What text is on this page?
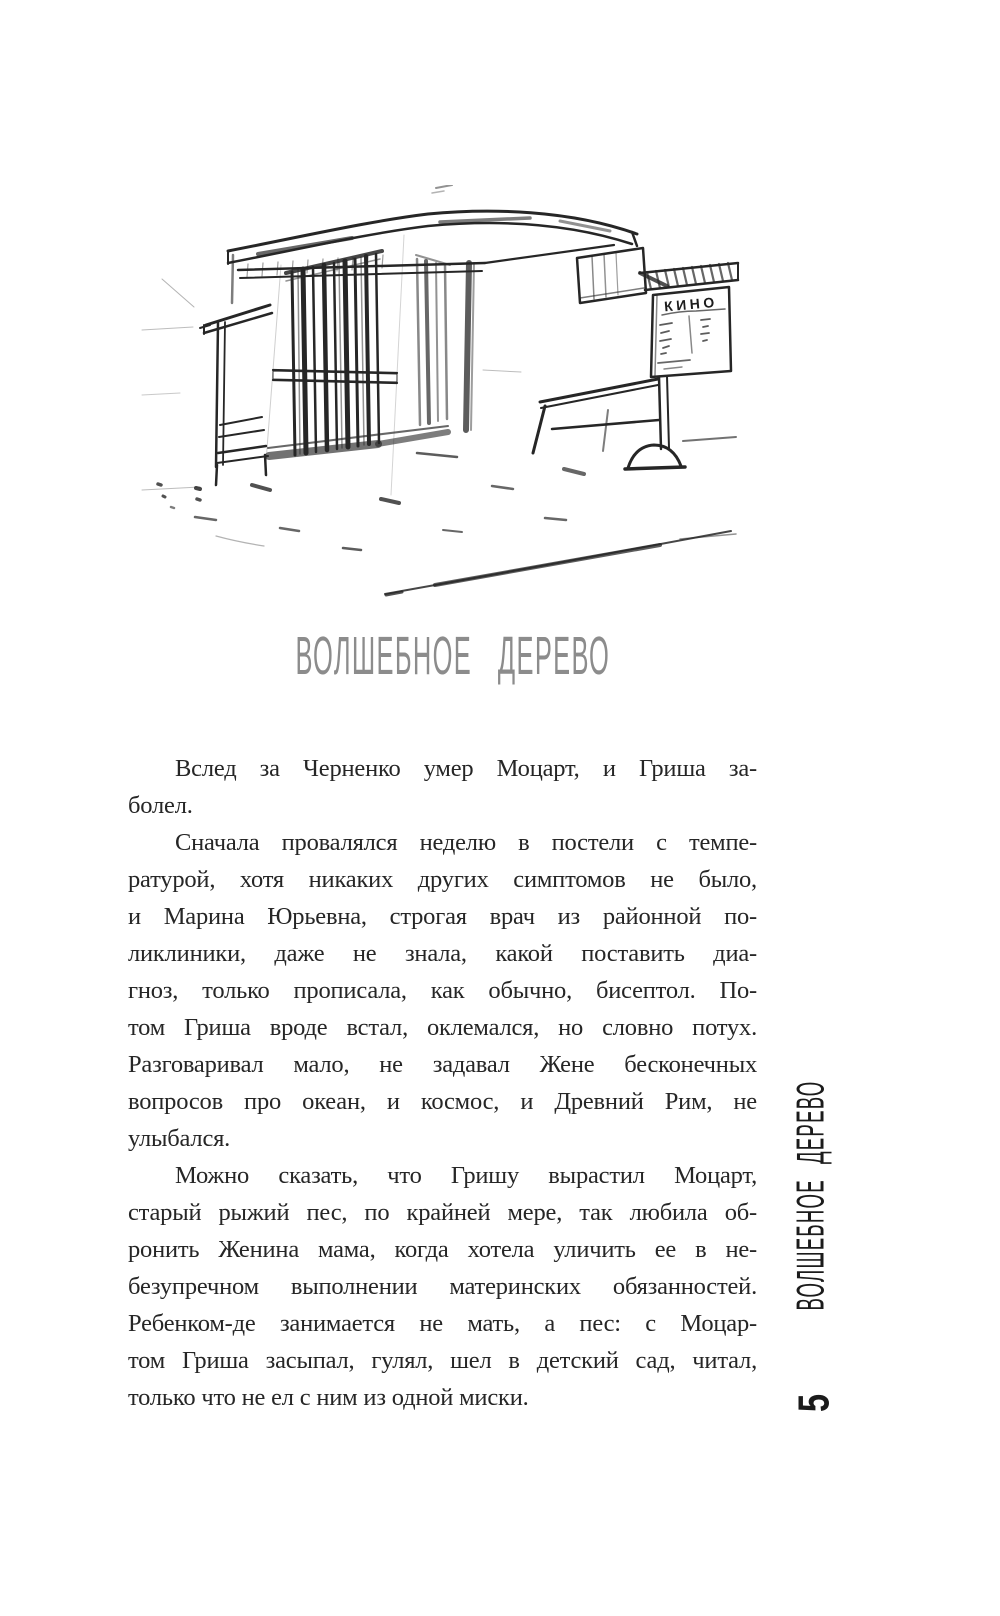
КИНО
ВОЛШЕБНОЕ ДЕРЕВО
Вслед за Черненко умер Моцарт, и Гриша за-
болел.
Сначала провалялся неделю в постели с темпе-
ратурой, хотя никаких других симптомов не было,
и Марина Юрьевна, строгая врач из районной по-
ликлиники, даже не знала, какой поставить диа-
гноз, только прописала, как обычно, бисептол. По-
том Гриша вроде встал, оклемался, но словно потух.
Разговаривал мало, не задавал Жене бесконечных
вопросов про океан, и космос, и Древний Рим, не
улыбался.
Можно сказать, что Гришу вырастил Моцарт,
старый рыжий пес, по крайней мере, так любила об-
ронить Женина мама, когда хотела уличить ее в не-
безупречном выполнении материнских обязанностей.
Ребенком-де занимается не мать, а пес: с Моцар-
том Гриша засыпал, гулял, шел в детский сад, читал,
только что не ел с ним из одной миски.
ВОЛШЕБНОЕ ДЕРЕВО
5
